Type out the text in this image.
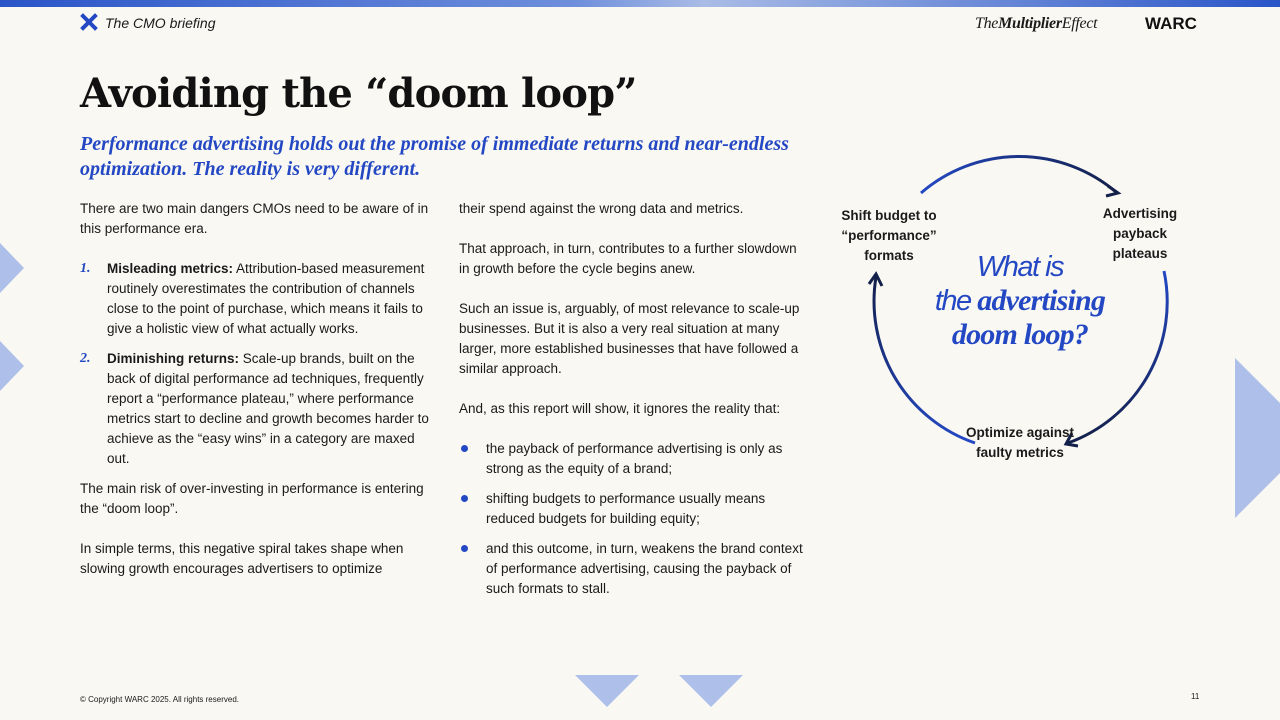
The CMO briefing	TheMultiplierEffect	WARC
Avoiding the “doom loop”

Performance advertising holds out the promise of immediate returns and near-endless optimization. The reality is very different.

There are two main dangers CMOs need to be aware of in this performance era.

1. Misleading metrics: Attribution-based measurement routinely overestimates the contribution of channels close to the point of purchase, which means it fails to give a holistic view of what actually works.
2. Diminishing returns: Scale-up brands, built on the back of digital performance ad techniques, frequently report a “performance plateau,” where performance metrics start to decline and growth becomes harder to achieve as the “easy wins” in a category are maxed out.

The main risk of over-investing in performance is entering the “doom loop”.

In simple terms, this negative spiral takes shape when slowing growth encourages advertisers to optimize

their spend against the wrong data and metrics.

That approach, in turn, contributes to a further slowdown in growth before the cycle begins anew.

Such an issue is, arguably, of most relevance to scale-up businesses. But it is also a very real situation at many larger, more established businesses that have followed a similar approach.

And, as this report will show, it ignores the reality that:

the payback of performance advertising is only as strong as the equity of a brand;
shifting budgets to performance usually means reduced budgets for building equity;
and this outcome, in turn, weakens the brand context of performance advertising, causing the payback of such formats to stall.
Advertising payback plateaus
Optimize against faulty metrics
Shift budget to “performance” formats	What is
the advertising
doom loop?
© Copyright WARC 2025. All rights reserved.	11
